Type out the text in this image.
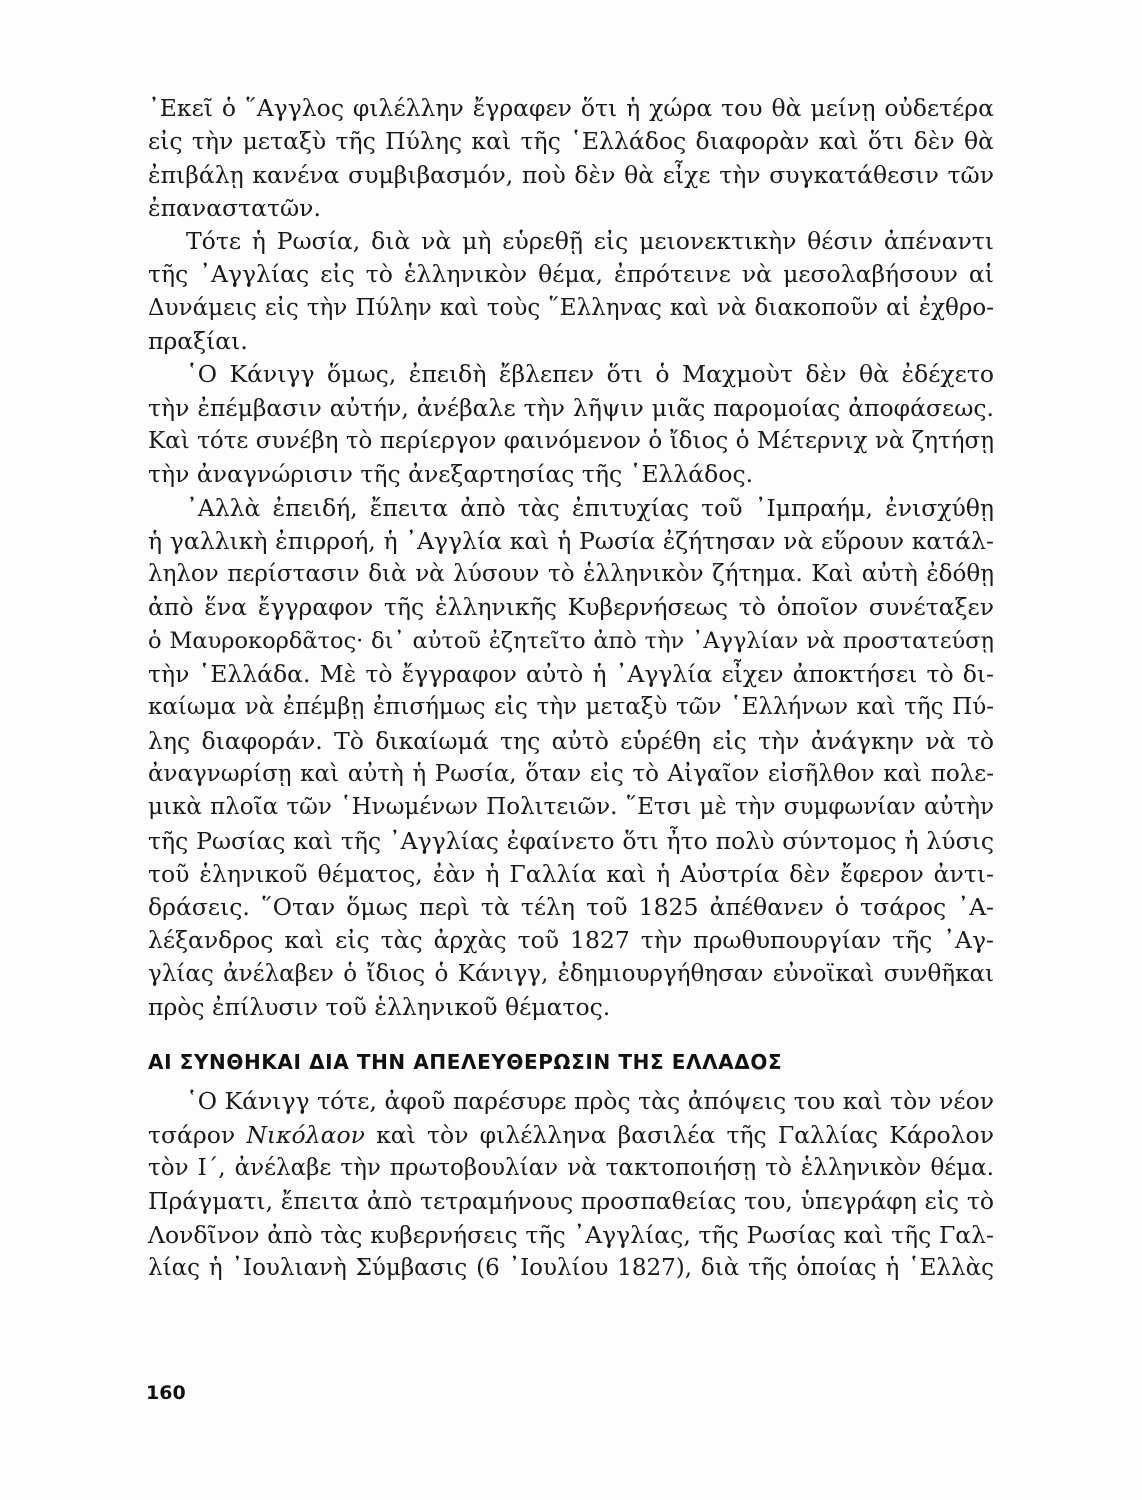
᾽Εκεῖ ὁ ῞Αγγλος φιλέλλην ἔγραφεν ὅτι ἡ χώρα του θὰ μείνῃ οὐδετέρα
εἰς τὴν μεταξὺ τῆς Πύλης καὶ τῆς ῾Ελλάδος διαφορὰν καὶ ὅτι δὲν θὰ
ἐπιβάλῃ κανένα συμβιβασμόν, ποὺ δὲν θὰ εἶχε τὴν συγκατάθεσιν τῶν
ἐπαναστατῶν.

Τότε ἡ Ρωσία, διὰ νὰ μὴ εὑρεθῇ εἰς μειονεκτικὴν θέσιν ἀπέναντι
τῆς ᾽Αγγλίας εἰς τὸ ἑλληνικὸν θέμα, ἐπρότεινε νὰ μεσολαβήσουν αἱ
Δυνάμεις εἰς τὴν Πύλην καὶ τοὺς ῞Ελληνας καὶ νὰ διακοποῦν αἱ ἐχθρο-
πραξίαι.

῾Ο Κάνιγγ ὅμως, ἐπειδὴ ἔβλεπεν ὅτι ὁ Μαχμοὺτ δὲν θὰ ἐδέχετο
τὴν ἐπέμβασιν αὐτήν, ἀνέβαλε τὴν λῆψιν μιᾶς παρομοίας ἀποφάσεως.
Καὶ τότε συνέβη τὸ περίεργον φαινόμενον ὁ ἴδιος ὁ Μέτερνιχ νὰ ζητήσῃ
τὴν ἀναγνώρισιν τῆς ἀνεξαρτησίας τῆς ῾Ελλάδος.

᾽Αλλὰ ἐπειδή, ἔπειτα ἀπὸ τὰς ἐπιτυχίας τοῦ ᾽Ιμπραήμ, ἐνισχύθῃ
ἡ γαλλικὴ ἐπιρροή, ἡ ᾽Αγγλία καὶ ἡ Ρωσία ἐζήτησαν νὰ εὕρουν κατάλ-
ληλον περίστασιν διὰ νὰ λύσουν τὸ ἑλληνικὸν ζήτημα. Καὶ αὐτὴ ἐδόθῃ
ἀπὸ ἕνα ἔγγραφον τῆς ἑλληνικῆς Κυβερνήσεως τὸ ὁποῖον συνέταξεν
ὁ Μαυροκορδᾶτος· δι᾽ αὐτοῦ ἐζητεῖτο ἀπὸ τὴν ᾽Αγγλίαν νὰ προστατεύσῃ
τὴν ῾Ελλάδα. Μὲ τὸ ἔγγραφον αὐτὸ ἡ ᾽Αγγλία εἶχεν ἀποκτήσει τὸ δι-
καίωμα νὰ ἐπέμβῃ ἐπισήμως εἰς τὴν μεταξὺ τῶν ῾Ελλήνων καὶ τῆς Πύ-
λης διαφοράν. Τὸ δικαίωμά της αὐτὸ εὑρέθη εἰς τὴν ἀνάγκην νὰ τὸ
ἀναγνωρίσῃ καὶ αὐτὴ ἡ Ρωσία, ὅταν εἰς τὸ Αἰγαῖον εἰσῆλθον καὶ πολε-
μικὰ πλοῖα τῶν ῾Ηνωμένων Πολιτειῶν. ῞Ετσι μὲ τὴν συμφωνίαν αὐτὴν
τῆς Ρωσίας καὶ τῆς ᾽Αγγλίας ἐφαίνετο ὅτι ἦτο πολὺ σύντομος ἡ λύσις
τοῦ ἑληνικοῦ θέματος, ἐὰν ἡ Γαλλία καὶ ἡ Αὐστρία δὲν ἔφερον ἀντι-
δράσεις. ῞Οταν ὅμως περὶ τὰ τέλη τοῦ 1825 ἀπέθανεν ὁ τσάρος ᾽Α-
λέξανδρος καὶ εἰς τὰς ἀρχὰς τοῦ 1827 τὴν πρωθυπουργίαν τῆς ᾽Αγ-
γλίας ἀνέλαβεν ὁ ἴδιος ὁ Κάνιγγ, ἐδημιουργήθησαν εὐνοϊκαὶ συνθῆκαι
πρὸς ἐπίλυσιν τοῦ ἑλληνικοῦ θέματος.

ΑΙ ΣΥΝΘΗΚΑΙ ΔΙΑ ΤΗΝ ΑΠΕΛΕΥΘΕΡΩΣΙΝ ΤΗΣ ΕΛΛΑΔΟΣ

῾Ο Κάνιγγ τότε, ἀφοῦ παρέσυρε πρὸς τὰς ἀπόψεις του καὶ τὸν νέον
τσάρον Νικόλαον καὶ τὸν φιλέλληνα βασιλέα τῆς Γαλλίας Κάρολον
τὸν Ι΄, ἀνέλαβε τὴν πρωτοβουλίαν νὰ τακτοποιήσῃ τὸ ἑλληνικὸν θέμα.
Πράγματι, ἔπειτα ἀπὸ τετραμήνους προσπαθείας του, ὑπεγράφη εἰς τὸ
Λονδῖνον ἀπὸ τὰς κυβερνήσεις τῆς ᾽Αγγλίας, τῆς Ρωσίας καὶ τῆς Γαλ-
λίας ἡ ᾽Ιουλιανὴ Σύμβασις (6 ᾽Ιουλίου 1827), διὰ τῆς ὁποίας ἡ ῾Ελλὰς

160
